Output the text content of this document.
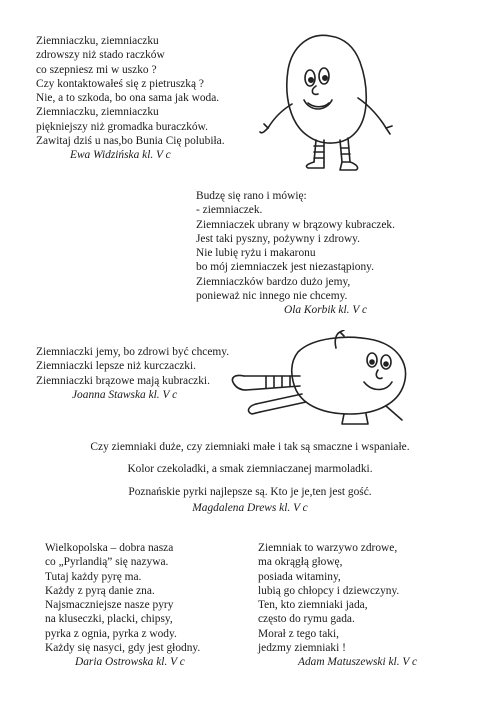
Ziemniaczku, ziemniaczku
zdrowszy niż stado raczków
co szepniesz mi w uszko ?
Czy kontaktowałeś się z pietruszką ?
Nie, a to szkoda, bo ona sama jak woda.
Ziemniaczku, ziemniaczku
piękniejszy niż gromadka buraczków.
Zawitaj dziś u nas,bo Bunia Cię polubiła.
Ewa Widzińska kl. V c
Budzę się rano i mówię:
- ziemniaczek.
Ziemniaczek ubrany w brązowy kubraczek.
Jest taki pyszny, pożywny i zdrowy.
Nie lubię ryżu i makaronu
bo mój ziemniaczek jest niezastąpiony.
Ziemniaczków bardzo dużo jemy,
ponieważ nic innego nie chcemy.
Ola Korbik kl. V c
Ziemniaczki jemy, bo zdrowi być chcemy.
Ziemniaczki lepsze niż kurczaczki.
Ziemniaczki brązowe mają kubraczki.
Joanna Stawska kl. V c
Czy ziemniaki duże, czy ziemniaki małe i tak są smaczne i wspaniałe.
Kolor czekoladki, a smak ziemniaczanej marmoladki.
Poznańskie pyrki najlepsze są. Kto je je,ten jest gość.
Magdalena Drews kl. V c
Wielkopolska – dobra nasza
co „Pyrlandią” się nazywa.
Tutaj każdy pyrę ma.
Każdy z pyrą danie zna.
Najsmaczniejsze nasze pyry
na kluseczki, placki, chipsy,
pyrka z ognia, pyrka z wody.
Każdy się nasyci, gdy jest głodny.
Daria Ostrowska kl. V c
Ziemniak to warzywo zdrowe,
ma okrągłą głowę,
posiada witaminy,
lubią go chłopcy i dziewczyny.
Ten, kto ziemniaki jada,
często do rymu gada.
Morał z tego taki,
jedzmy ziemniaki !
Adam Matuszewski kl. V c
